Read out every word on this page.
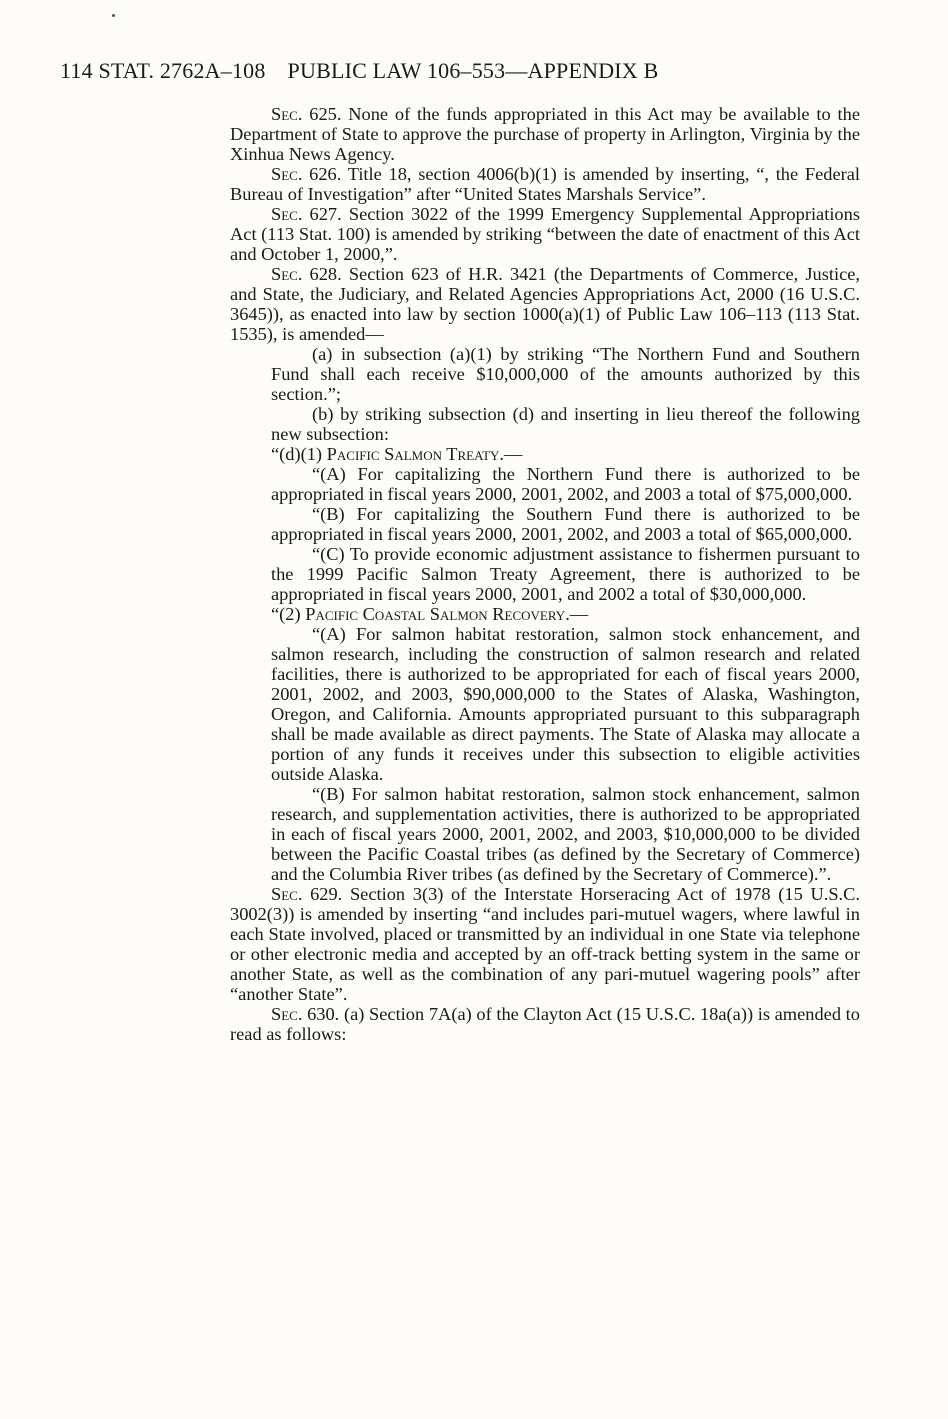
114 STAT. 2762A–108 PUBLIC LAW 106–553—APPENDIX B

Sec. 625. None of the funds appropriated in this Act may be available to the Department of State to approve the purchase of property in Arlington, Virginia by the Xinhua News Agency.

Sec. 626. Title 18, section 4006(b)(1) is amended by inserting, “, the Federal Bureau of Investigation” after “United States Marshals Service”.

Sec. 627. Section 3022 of the 1999 Emergency Supplemental Appropriations Act (113 Stat. 100) is amended by striking “between the date of enactment of this Act and October 1, 2000,”.

Sec. 628. Section 623 of H.R. 3421 (the Departments of Commerce, Justice, and State, the Judiciary, and Related Agencies Appropriations Act, 2000 (16 U.S.C. 3645)), as enacted into law by section 1000(a)(1) of Public Law 106–113 (113 Stat. 1535), is amended—

(a) in subsection (a)(1) by striking “The Northern Fund and Southern Fund shall each receive $10,000,000 of the amounts authorized by this section.”;

(b) by striking subsection (d) and inserting in lieu thereof the following new subsection:

“(d)(1) Pacific Salmon Treaty.—

“(A) For capitalizing the Northern Fund there is authorized to be appropriated in fiscal years 2000, 2001, 2002, and 2003 a total of $75,000,000.

“(B) For capitalizing the Southern Fund there is authorized to be appropriated in fiscal years 2000, 2001, 2002, and 2003 a total of $65,000,000.

“(C) To provide economic adjustment assistance to fishermen pursuant to the 1999 Pacific Salmon Treaty Agreement, there is authorized to be appropriated in fiscal years 2000, 2001, and 2002 a total of $30,000,000.

“(2) Pacific Coastal Salmon Recovery.—

“(A) For salmon habitat restoration, salmon stock enhancement, and salmon research, including the construction of salmon research and related facilities, there is authorized to be appropriated for each of fiscal years 2000, 2001, 2002, and 2003, $90,000,000 to the States of Alaska, Washington, Oregon, and California. Amounts appropriated pursuant to this subparagraph shall be made available as direct payments. The State of Alaska may allocate a portion of any funds it receives under this subsection to eligible activities outside Alaska.

“(B) For salmon habitat restoration, salmon stock enhancement, salmon research, and supplementation activities, there is authorized to be appropriated in each of fiscal years 2000, 2001, 2002, and 2003, $10,000,000 to be divided between the Pacific Coastal tribes (as defined by the Secretary of Commerce) and the Columbia River tribes (as defined by the Secretary of Commerce).”.

Sec. 629. Section 3(3) of the Interstate Horseracing Act of 1978 (15 U.S.C. 3002(3)) is amended by inserting “and includes pari-mutuel wagers, where lawful in each State involved, placed or transmitted by an individual in one State via telephone or other electronic media and accepted by an off-track betting system in the same or another State, as well as the combination of any pari-mutuel wagering pools” after “another State”.

Sec. 630. (a) Section 7A(a) of the Clayton Act (15 U.S.C. 18a(a)) is amended to read as follows:
